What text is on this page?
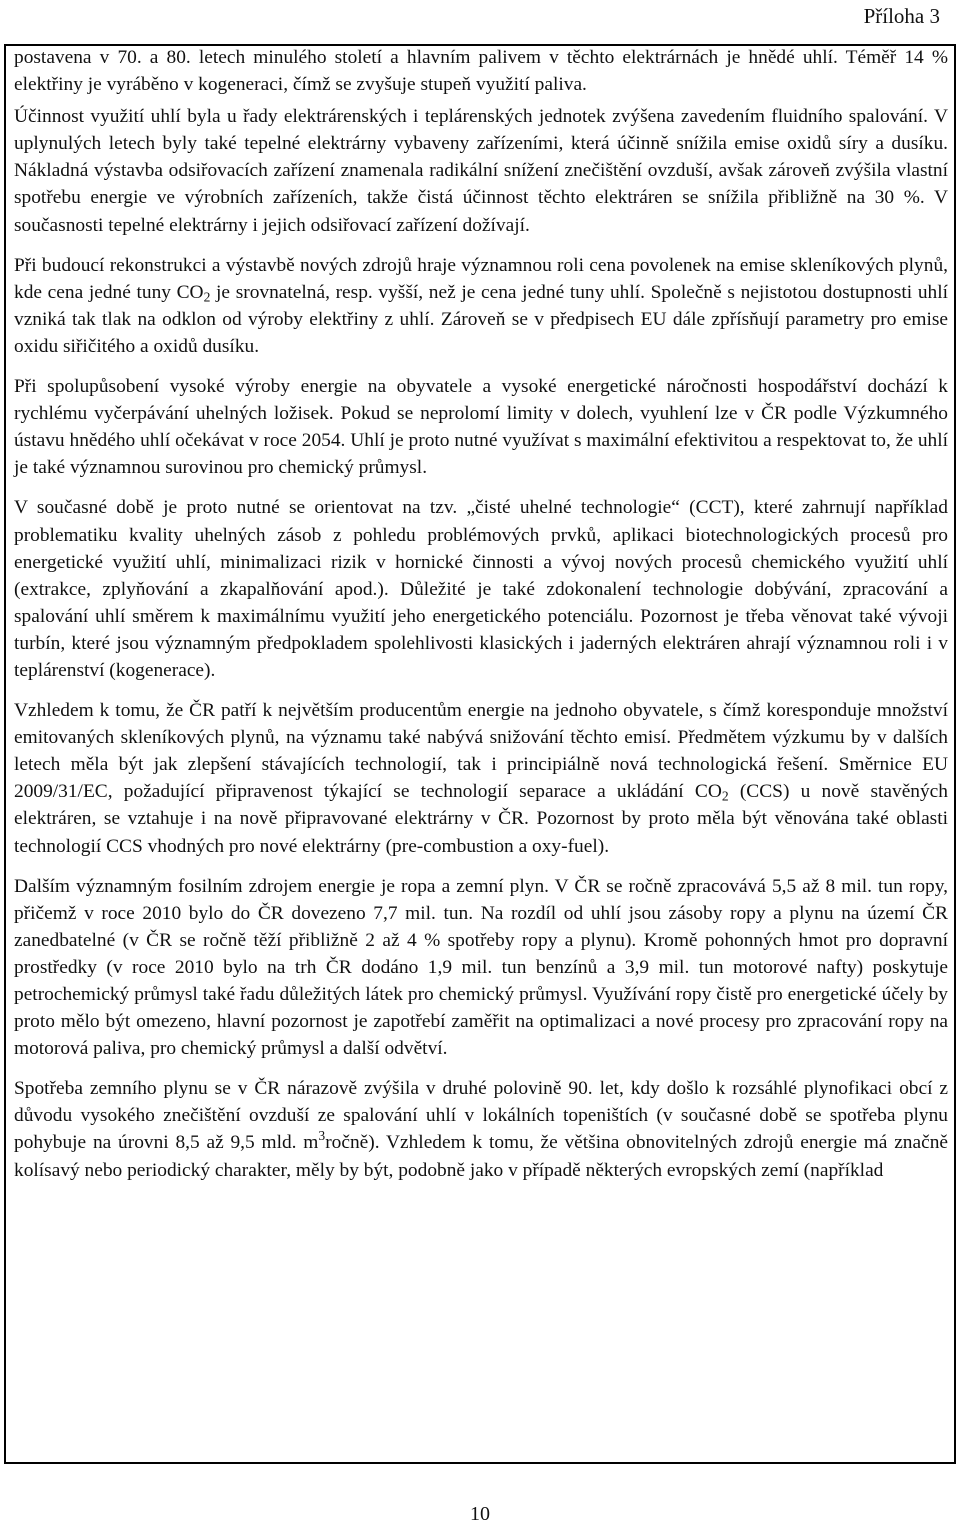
Příloha 3

postavena v 70. a 80. letech minulého století a hlavním palivem v těchto elektrárnách je hnědé uhlí. Téměř 14 % elektřiny je vyráběno v kogeneraci, čímž se zvyšuje stupeň využití paliva.

Účinnost využití uhlí byla u řady elektrárenských i teplárenských jednotek zvýšena zavedením fluidního spalování. V uplynulých letech byly také tepelné elektrárny vybaveny zařízeními, která účinně snížila emise oxidů síry a dusíku. Nákladná výstavba odsiřovacích zařízení znamenala radikální snížení znečištění ovzduší, avšak zároveň zvýšila vlastní spotřebu energie ve výrobních zařízeních, takže čistá účinnost těchto elektráren se snížila přibližně na 30 %. V současnosti tepelné elektrárny i jejich odsiřovací zařízení dožívají.

Při budoucí rekonstrukci a výstavbě nových zdrojů hraje významnou roli cena povolenek na emise skleníkových plynů, kde cena jedné tuny $CO_2$ je srovnatelná, resp. vyšší, než je cena jedné tuny uhlí. Společně s nejistotou dostupnosti uhlí vzniká tak tlak na odklon od výroby elektřiny z uhlí. Zároveň se v předpisech EU dále zpřísňují parametry pro emise oxidu siřičitého a oxidů dusíku.

Při spolupůsobení vysoké výroby energie na obyvatele a vysoké energetické náročnosti hospodářství dochází k rychlému vyčerpávání uhelných ložisek. Pokud se neprolomí limity v dolech, vyuhlení lze v ČR podle Výzkumného ústavu hnědého uhlí očekávat v roce 2054. Uhlí je proto nutné využívat s maximální efektivitou a respektovat to, že uhlí je také významnou surovinou pro chemický průmysl.

V současné době je proto nutné se orientovat na tzv. „čisté uhelné technologie“ (CCT), které zahrnují například problematiku kvality uhelných zásob z pohledu problémových prvků, aplikaci biotechnologických procesů pro energetické využití uhlí, minimalizaci rizik v hornické činnosti a vývoj nových procesů chemického využití uhlí (extrakce, zplyňování a zkapalňování apod.). Důležité je také zdokonalení technologie dobývání, zpracování a spalování uhlí směrem k maximálnímu využití jeho energetického potenciálu. Pozornost je třeba věnovat také vývoji turbín, které jsou významným předpokladem spolehlivosti klasických i jaderných elektráren ahrají významnou roli i v teplárenství (kogenerace).

Vzhledem k tomu, že ČR patří k největším producentům energie na jednoho obyvatele, s čímž koresponduje množství emitovaných skleníkových plynů, na významu také nabývá snižování těchto emisí. Předmětem výzkumu by v dalších letech měla být jak zlepšení stávajících technologií, tak i principiálně nová technologická řešení. Směrnice EU 2009/31/EC, požadující připravenost týkající se technologií separace a ukládání $CO_2$ (CCS) u nově stavěných elektráren, se vztahuje i na nově připravované elektrárny v ČR. Pozornost by proto měla být věnována také oblasti technologií CCS vhodných pro nové elektrárny (pre-combustion a oxy-fuel).

Dalším významným fosilním zdrojem energie je ropa a zemní plyn. V ČR se ročně zpracovává 5,5 až 8 mil. tun ropy, přičemž v roce 2010 bylo do ČR dovezeno 7,7 mil. tun. Na rozdíl od uhlí jsou zásoby ropy a plynu na území ČR zanedbatelné (v ČR se ročně těží přibližně 2 až 4 % spotřeby ropy a plynu). Kromě pohonných hmot pro dopravní prostředky (v roce 2010 bylo na trh ČR dodáno 1,9 mil. tun benzínů a 3,9 mil. tun motorové nafty) poskytuje petrochemický průmysl také řadu důležitých látek pro chemický průmysl. Využívání ropy čistě pro energetické účely by proto mělo být omezeno, hlavní pozornost je zapotřebí zaměřit na optimalizaci a nové procesy pro zpracování ropy na motorová paliva, pro chemický průmysl a další odvětví.

Spotřeba zemního plynu se v ČR nárazově zvýšila v druhé polovině 90. let, kdy došlo k rozsáhlé plynofikaci obcí z důvodu vysokého znečištění ovzduší ze spalování uhlí v lokálních topeništích (v současné době se spotřeba plynu pohybuje na úrovni 8,5 až 9,5 mld. $m^3ročně$). Vzhledem k tomu, že většina obnovitelných zdrojů energie má značně kolísavý nebo periodický charakter, měly by být, podobně jako v případě některých evropských zemí (například

10
